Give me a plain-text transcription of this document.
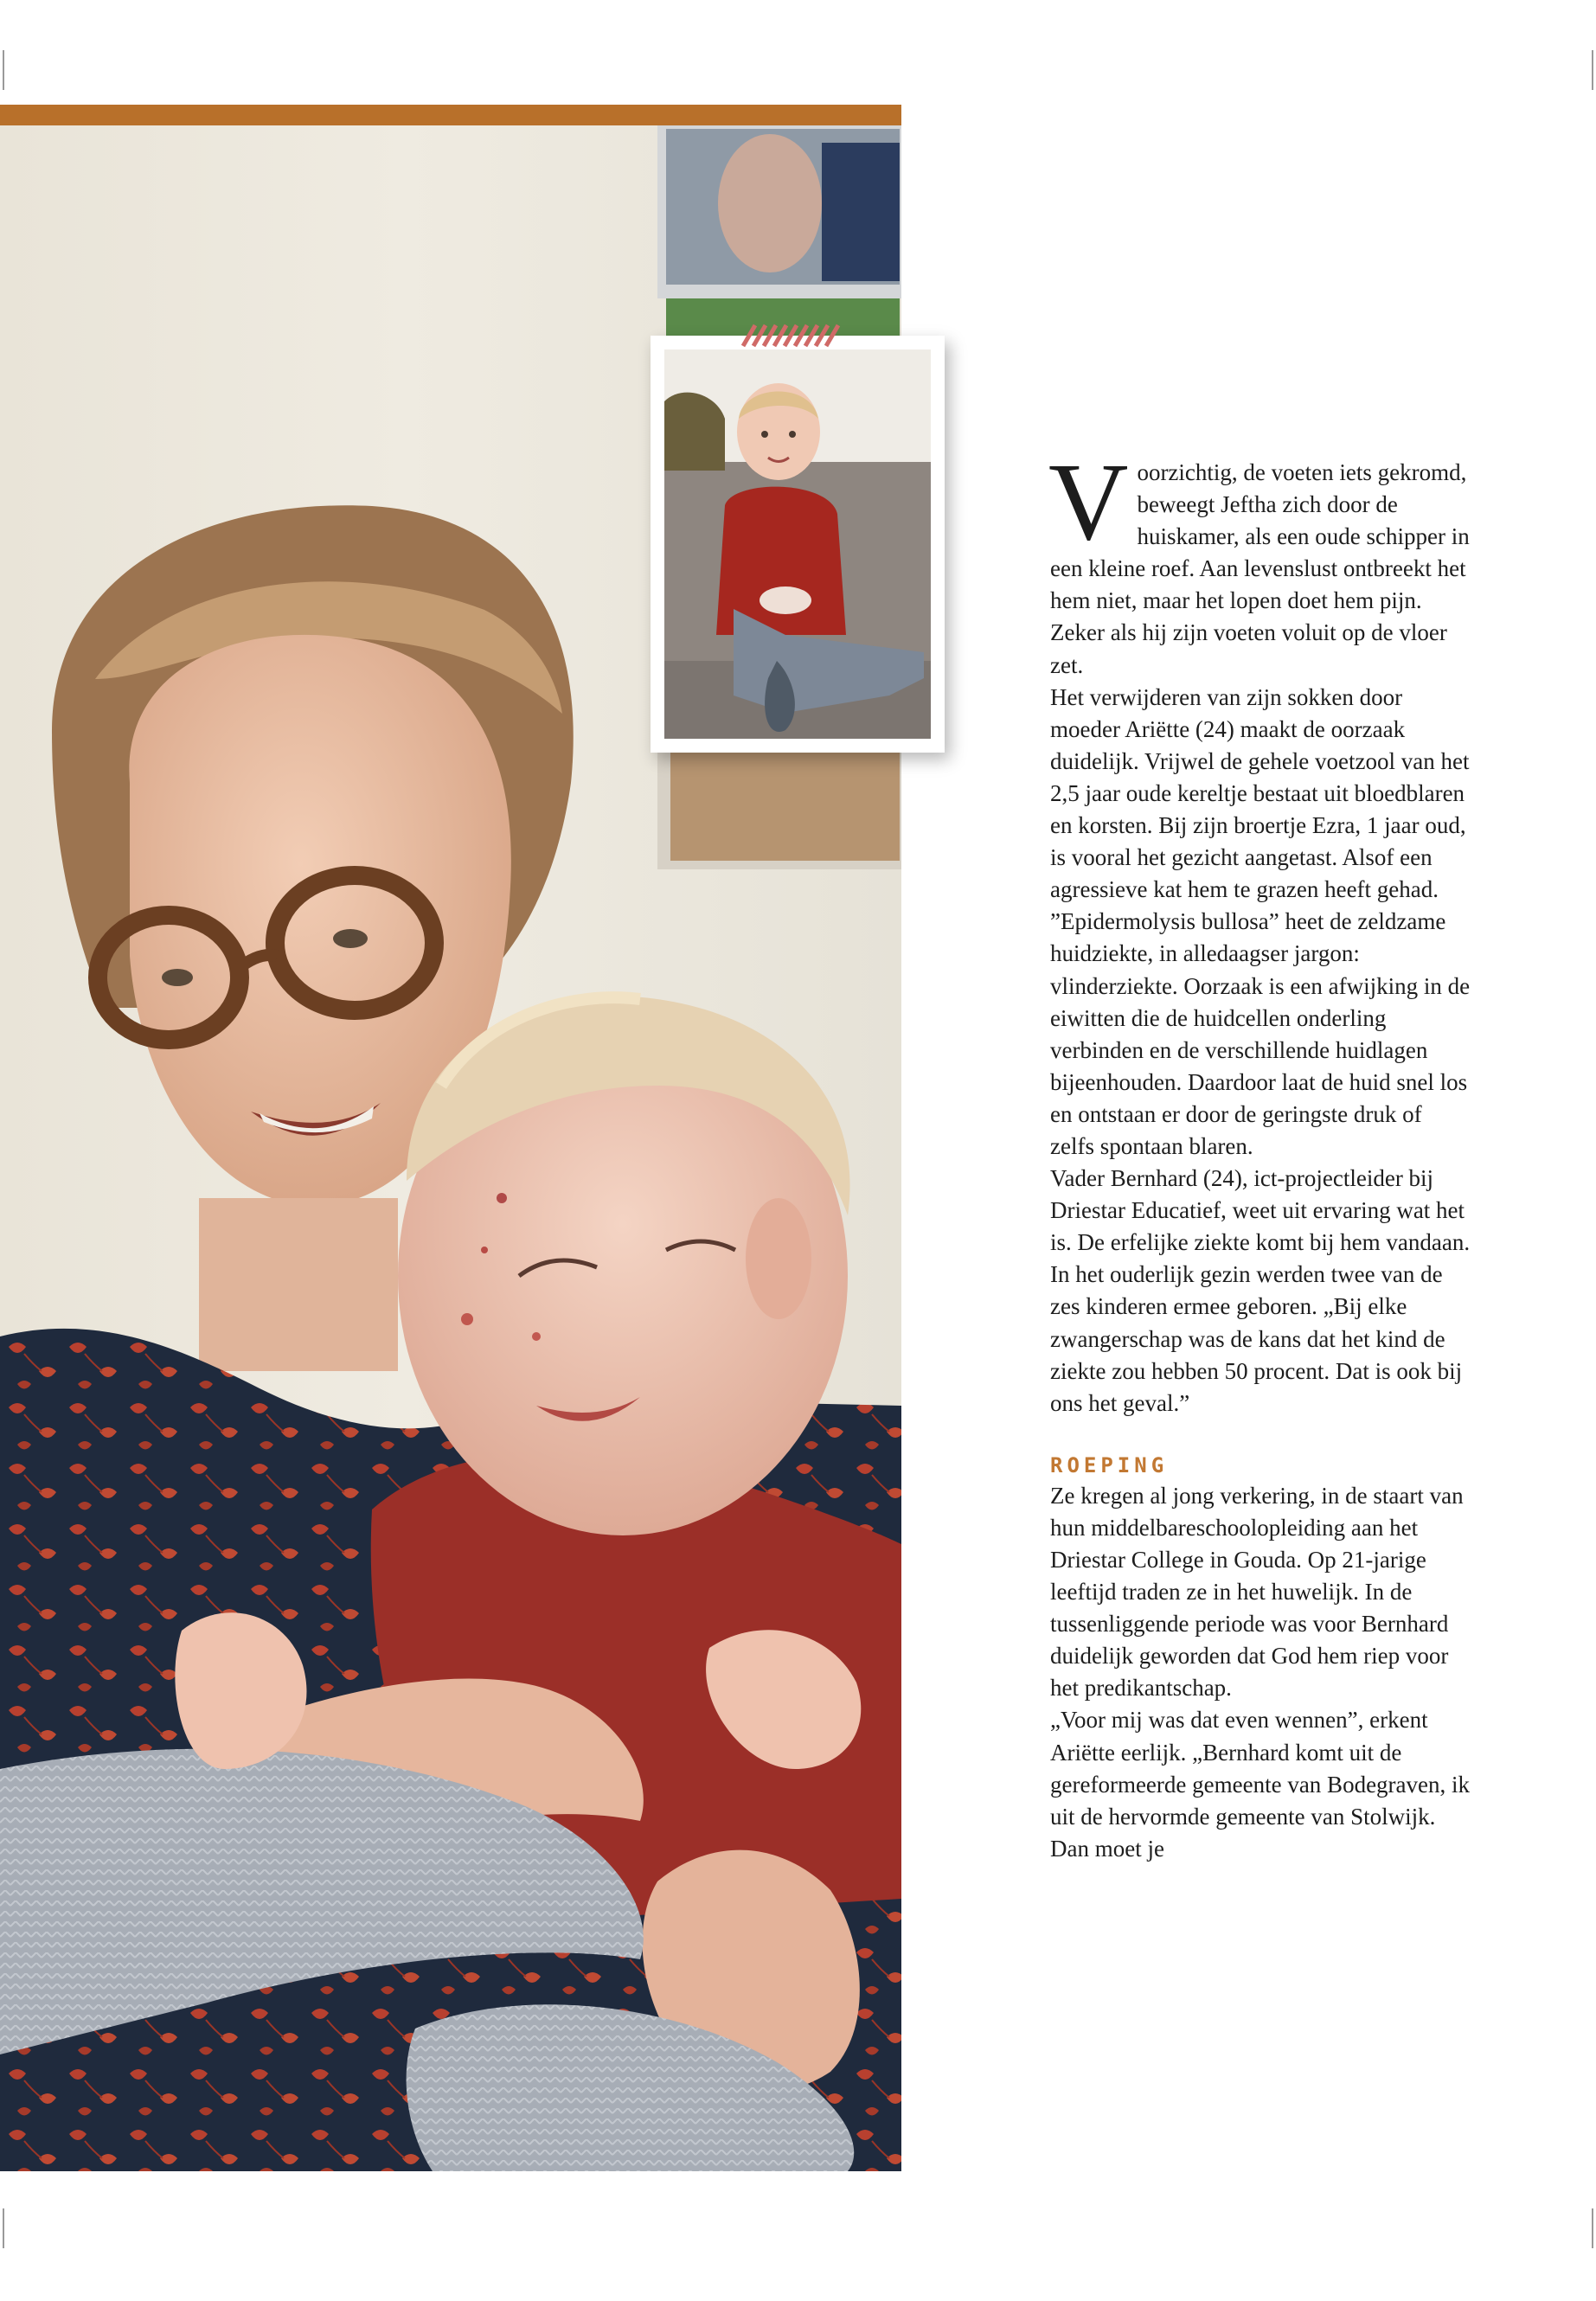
Voorzichtig, de voeten iets gekromd, beweegt Jeftha zich door de huiskamer, als een oude schipper in een kleine roef. Aan levenslust ontbreekt het hem niet, maar het lopen doet hem pijn. Zeker als hij zijn voeten voluit op de vloer zet.

Het verwijderen van zijn sokken door moeder Ariëtte (24) maakt de oorzaak duidelijk. Vrijwel de gehele voetzool van het 2,5 jaar oude kereltje bestaat uit bloedblaren en korsten. Bij zijn broertje Ezra, 1 jaar oud, is vooral het gezicht aangetast. Alsof een agressieve kat hem te grazen heeft gehad.

”Epidermolysis bullosa” heet de zeldzame huidziekte, in alledaagser jargon: vlinderziekte. Oorzaak is een afwijking in de eiwitten die de huidcellen onderling verbinden en de verschillende huidlagen bijeenhouden. Daardoor laat de huid snel los en ontstaan er door de geringste druk of zelfs spontaan blaren.

Vader Bernhard (24), ict-projectleider bij Driestar Educatief, weet uit ervaring wat het is. De erfelijke ziekte komt bij hem vandaan. In het ouderlijk gezin werden twee van de zes kinderen ermee geboren. „Bij elke zwangerschap was de kans dat het kind de ziekte zou hebben 50 procent. Dat is ook bij ons het geval.”

ROEPING

Ze kregen al jong verkering, in de staart van hun middelbareschoolopleiding aan het Driestar College in Gouda. Op 21-jarige leeftijd traden ze in het huwelijk. In de tussenliggende periode was voor Bernhard duidelijk geworden dat God hem riep voor het predikantschap.

„Voor mij was dat even wennen”, erkent Ariëtte eerlijk. „Bernhard komt uit de gereformeerde gemeente van Bodegraven, ik uit de hervormde gemeente van Stolwijk. Dan moet je
